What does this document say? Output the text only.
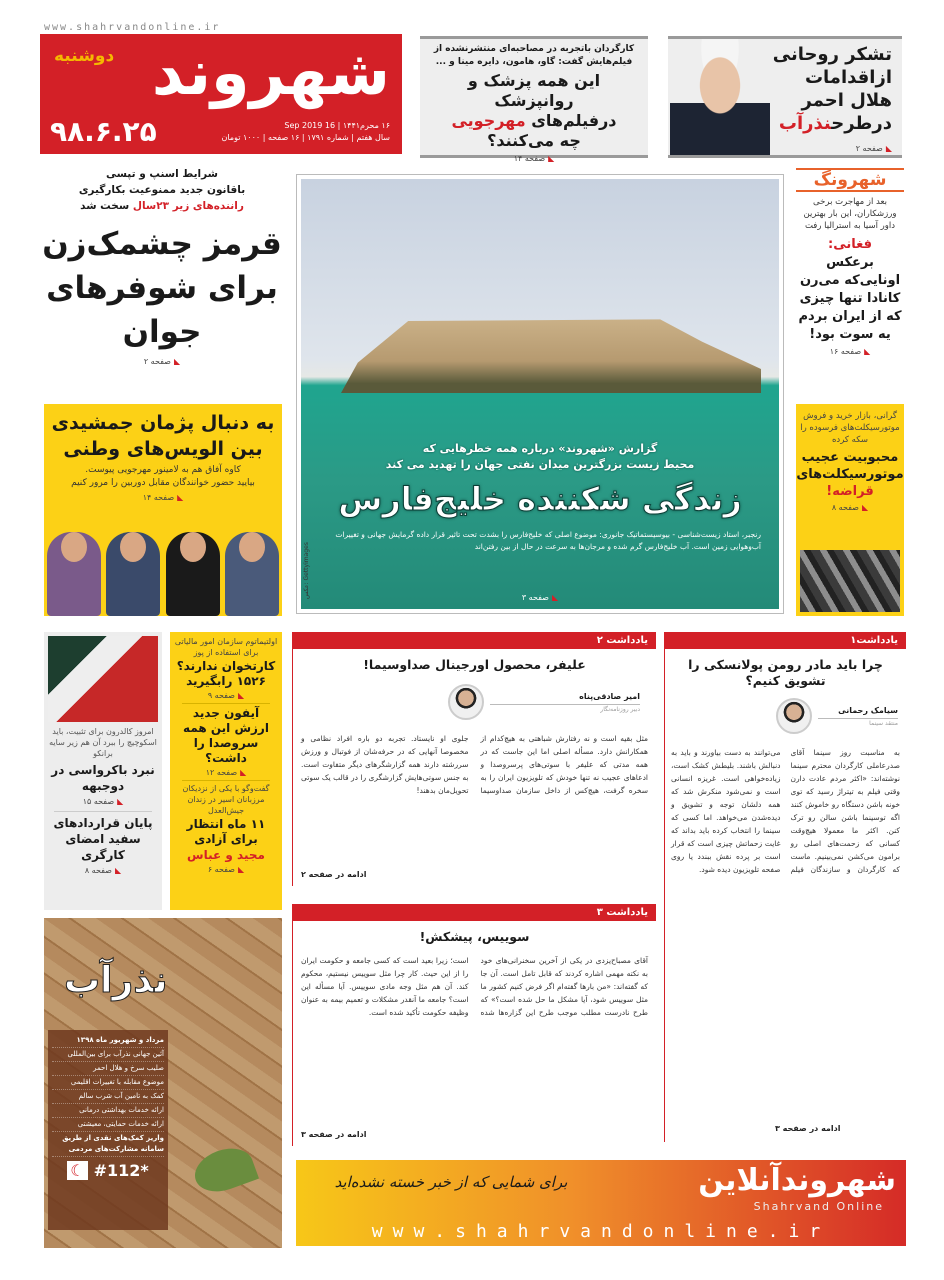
www.shahrvandonline.ir
دوشنبه شهروند
۹۸.۶.۲۵	۱۶ محرم۱۴۴۱ | 16 Sep 2019
سال هفتم | شماره ۱۷۹۱ | ۱۶ صفحه | ۱۰۰۰ تومان
کارگردان باتجربه در مصاحبه‌ای منتشرنشده از فیلم‌هایش گفت: گاو، هامون، دایره مینا و ...
این همه پزشک و روانپزشک
درفیلم‌های مهرجویی
چه می‌کنند؟
◣صفحه ۱۴
تشکر روحانی
ازاقدامات
هلال احمر
درطرحنذرآب
◣صفحه ۲
شرایط اسنپ و تپسی
باقانون جدید ممنوعیت بکارگیری
راننده‌های زیر ۲۳سال سخت شد
قرمز چشمک‌زن برای شوفرهای جوان
◣صفحه ۲
به دنبال پژمان جمشیدی بین الویس‌های وطنی
کاوه آفاق هم به لامینور مهرجویی پیوست.
بیایید حضور خوانندگان مقابل دوربین را مرور کنیم
◣صفحه ۱۴
شهرونگ
بعد از مهاجرت برخی ورزشکاران، این بار بهترین داور آسیا به استرالیا رفت
فغانی:
برعکس اونایی‌که می‌رن کانادا تنها چیزی که از ایران بردم یه سوت بود!
◣صفحه ۱۶
گرانی، بازار خرید و فروش موتورسیکلت‌های فرسوده را سکه کرده
محبوبیت عجیب موتورسیکلت‌های
قراضه!
◣صفحه ۸
عکس: Gettyimages
گزارش «شهروند» درباره همه خطرهایی که
محیط زیست بزرگترین میدان نفتی جهان را تهدید می کند
زندگی شکننده خلیج‌فارس
رنجبر، استاد زیست‌شناسی - بیوسیستماتیک جانوری: موضوع اصلی که خلیج‌فارس را بشدت تحت تاثیر قرار داده گرمایش جهانی و تغییرات آب‌وهوایی زمین است. آب خلیج‌فارس گرم شده و مرجان‌ها به سرعت در حال از بین رفتن‌اند
◣صفحه ۳
امروز کالدرون برای تثبیت، باید اسکوچیچ را ببرد آن هم زیر سایه برانکو
نبرد باکرواسی در دوجبهه
◣صفحه ۱۵
پایان قراردادهای سفید امضای کارگری
◣صفحه ۸
اولتیماتوم سازمان امور مالیاتی برای استفاده از پوز
کارتخوان ندارند؟ ۱۵۲۶ رابگیرید
◣صفحه ۹
آیفون جدید ارزش این همه سروصدا را داشت؟
◣صفحه ۱۲
گفت‌وگو با یکی از نزدیکان مرزبانان اسیر در زندان جیش‌العدل
۱۱ ماه انتظار برای آزادی
مجید و عباس
◣صفحه ۶
نذرآب
مرداد و شهریور ماه ۱۳۹۸
آئین جهانی نذرآب برای بین‌المللی
صلیب سرخ و هلال احمر
موضوع مقابله با تغییرات اقلیمی
کمک به تامین آب شرب سالم
ارائه خدمات بهداشتی درمانی
ارائه خدمات حمایتی، معیشتی
واریز کمک‌های نقدی از طریق سامانه مشارکت‌های مردمی
☾ #112*
یادداشت۱
چرا باید مادر رومن پولانسکی را تشویق کنیم؟
سیامک رحمانی
منتقد سینما
به مناسبت روز سینما آقای صدرعاملی کارگردان محترم سینما نوشته‌اند: «اکثر مردم عادت دارن وقتی فیلم به تیتراژ رسید که توی خونه باشن دستگاه رو خاموش کنند اگه توسینما باشن سالن رو ترک کنن. اکثر ما معمولا هیچ‌وقت کسانی که زحمت‌های اصلی رو برامون می‌کشن نمی‌بینیم. ماست که کارگردان و سازندگان فیلم می‌توانند به دست بیاورند و باید به دنبالش باشند. بلیطش کشک است، زیاده‌خواهی است. غریزه انسانی است و نمی‌شود منکرش شد که همه دلشان توجه و تشویق و دیده‌شدن می‌خواهد. اما کسی که سینما را انتخاب کرده باید بداند که غایت زحماتش چیزی است که قرار است بر پرده نقش ببندد یا روی صفحه تلویزیون دیده شود.
ادامه در صفحه ۳
یادداشت ۲
علیفر، محصول اورجینال صداوسیما!
امیر صادقی‌پناه
دبیر روزنامه‌نگار
مثل بقیه است و نه رفتارش شباهتی به هیچ‌کدام از همکارانش دارد. مسأله اصلی اما این جاست که در همه مدتی که علیفر با سوتی‌های پرسروصدا و ادعاهای عجیب نه تنها خودش که تلویزیون ایران را به سخره گرفت، هیچ‌کس از داخل سازمان صداوسیما جلوی او نایستاد. تجربه دو باره افراد نظامی و مخصوصا آنهایی که در حرفه‌شان از فوتبال و ورزش سررشته دارند همه گزارشگرهای دیگر متفاوت است. به جنس سوتی‌هایش گزارشگری را در قالب یک سوتی تحویل‌مان بدهند!
ادامه در صفحه ۲
یادداشت ۳
سوییس، پیشکش!
آقای مصباح‌یزدی در یکی از آخرین سخنرانی‌های خود به نکته مهمی اشاره کردند که قابل تامل است. آن جا که گفته‌اند: «من بارها گفته‌ام اگر فرض کنیم کشور ما مثل سوییس شود، آیا مشکل ما حل شده است؟» که طرح نادرست مطلب موجب طرح این گزاره‌ها شده است؛ زیرا بعید است که کسی جامعه و حکومت ایران را از این حیث. کار چرا مثل سوییس نیستیم، محکوم کند. آن هم مثل وجه مادی سوییس. آیا مسأله این است؟ جامعه ما آنقدر مشکلات و تعمیم بیمه به عنوان وظیفه حکومت تأکید شده است.
ادامه در صفحه ۳
برای شمایی که از خبر خسته نشده‌اید	شهروندآنلاین
Shahrvand Online
www.shahrvandonline.ir
